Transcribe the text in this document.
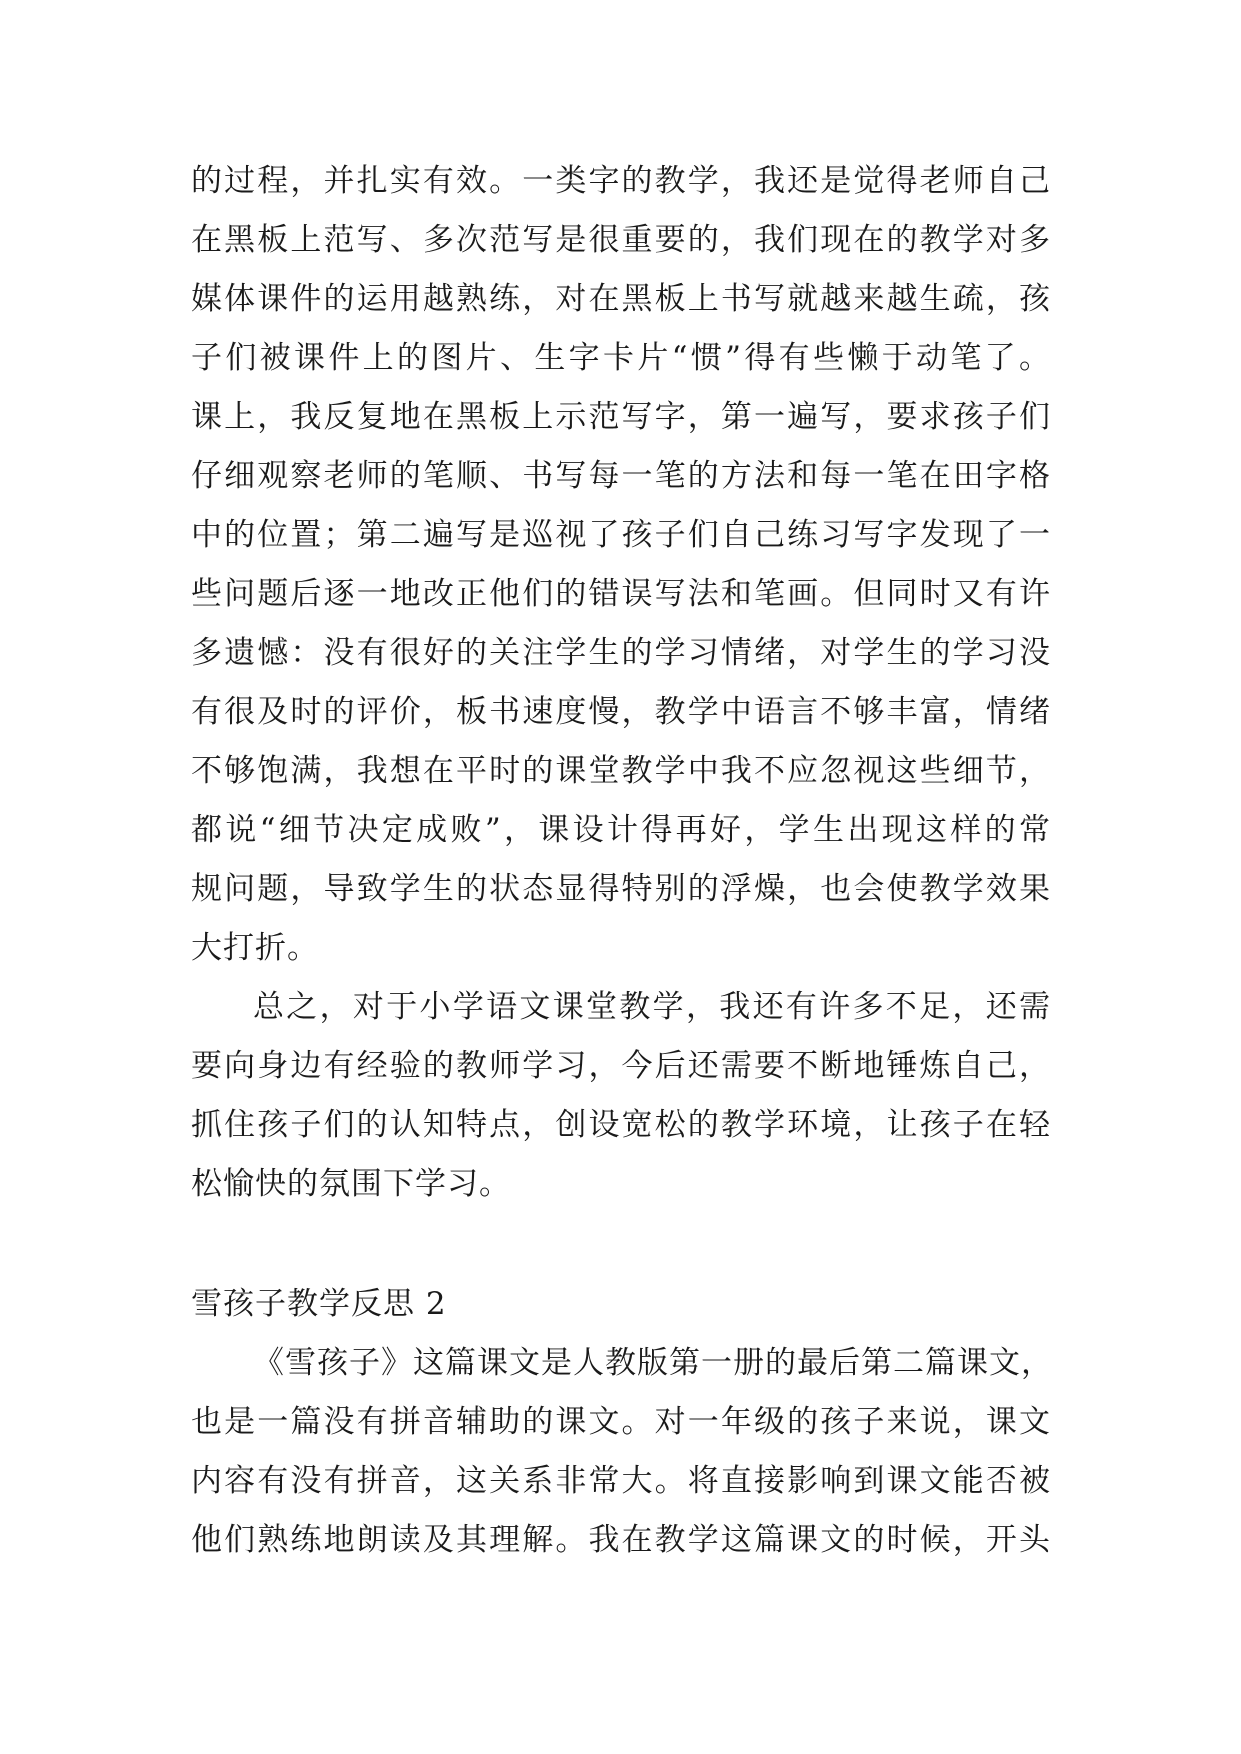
的过程，并扎实有效。一类字的教学，我还是觉得老师自己
在黑板上范写、多次范写是很重要的，我们现在的教学对多
媒体课件的运用越熟练，对在黑板上书写就越来越生疏，孩
子们被课件上的图片、生字卡片“惯”得有些懒于动笔了。
课上，我反复地在黑板上示范写字，第一遍写，要求孩子们
仔细观察老师的笔顺、书写每一笔的方法和每一笔在田字格
中的位置；第二遍写是巡视了孩子们自己练习写字发现了一
些问题后逐一地改正他们的错误写法和笔画。但同时又有许
多遗憾：没有很好的关注学生的学习情绪，对学生的学习没
有很及时的评价，板书速度慢，教学中语言不够丰富，情绪
不够饱满，我想在平时的课堂教学中我不应忽视这些细节，
都说“细节决定成败”，课设计得再好，学生出现这样的常
规问题，导致学生的状态显得特别的浮燥，也会使教学效果
大打折。
总之，对于小学语文课堂教学，我还有许多不足，还需
要向身边有经验的教师学习，今后还需要不断地锤炼自己，
抓住孩子们的认知特点，创设宽松的教学环境，让孩子在轻
松愉快的氛围下学习。
雪孩子教学反思 2
《雪孩子》这篇课文是人教版第一册的最后第二篇课文，
也是一篇没有拼音辅助的课文。对一年级的孩子来说，课文
内容有没有拼音，这关系非常大。将直接影响到课文能否被
他们熟练地朗读及其理解。我在教学这篇课文的时候，开头
